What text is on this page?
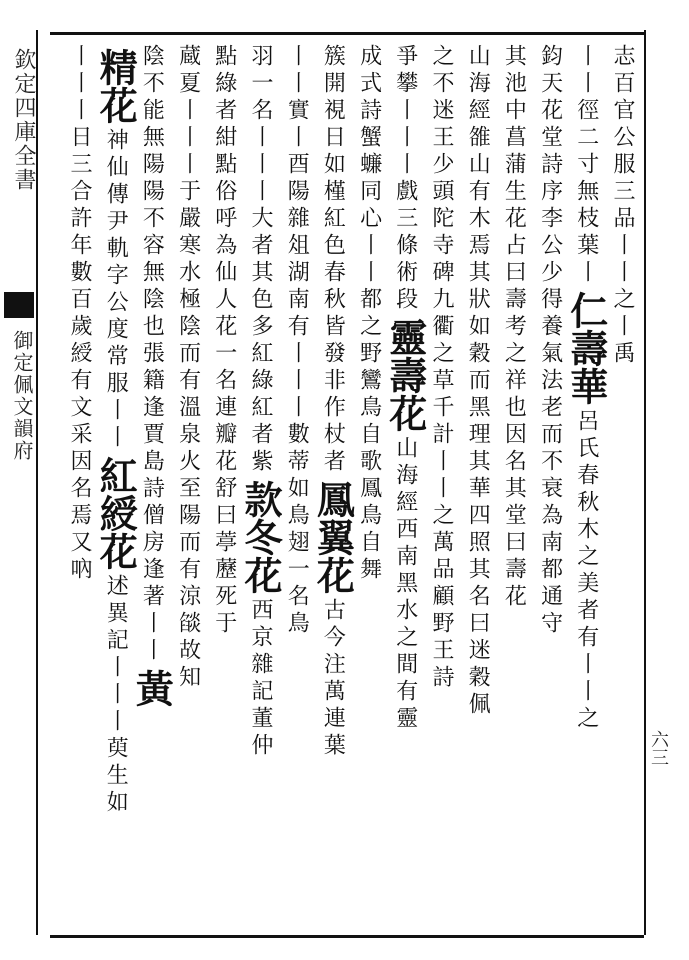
欽定四庫全書
御定佩文韻府
六三
志百官公服三品丨丨之丨禹
丨丨徑二寸無枝葉丨仁壽華呂氏春秋木之美者有丨丨之
鈞天花堂詩序李公少得養氣法老而不衰為南都通守
其池中菖蒲生花占曰壽考之祥也因名其堂曰壽花
山海經雒山有木焉其狀如穀而黑理其華四照其名曰迷穀佩
之不迷王少頭陀寺碑九衢之草千計丨丨之萬品顧野王詩
爭攀丨丨丨戲三條術段靈壽花山海經西南黑水之間有靈
成式詩蟹蠊同心丨丨都之野鸞鳥自歌鳳鳥自舞
簇開視日如槿紅色春秋皆發非作杖者鳳翼花古今注萬連葉
丨丨實丨酉陽雜俎湖南有丨丨丨數蒂如鳥翅一名鳥
羽一名丨丨丨大者其色多紅綠紅者紫款冬花西京雜記董仲
點綠者紺點俗呼為仙人花一名連瓣花舒曰葶藶死于
蔵夏丨丨丨于嚴寒水極陰而有溫泉火至陽而有涼燄故知
陰不能無陽陽不容無陰也張籍逢賈島詩僧房逢著丨丨黃
精花神仙傳尹軌字公度常服丨丨紅綬花述異記丨丨丨萸生如
丨丨丨日三合許年數百歲綬有文采因名焉又吶
